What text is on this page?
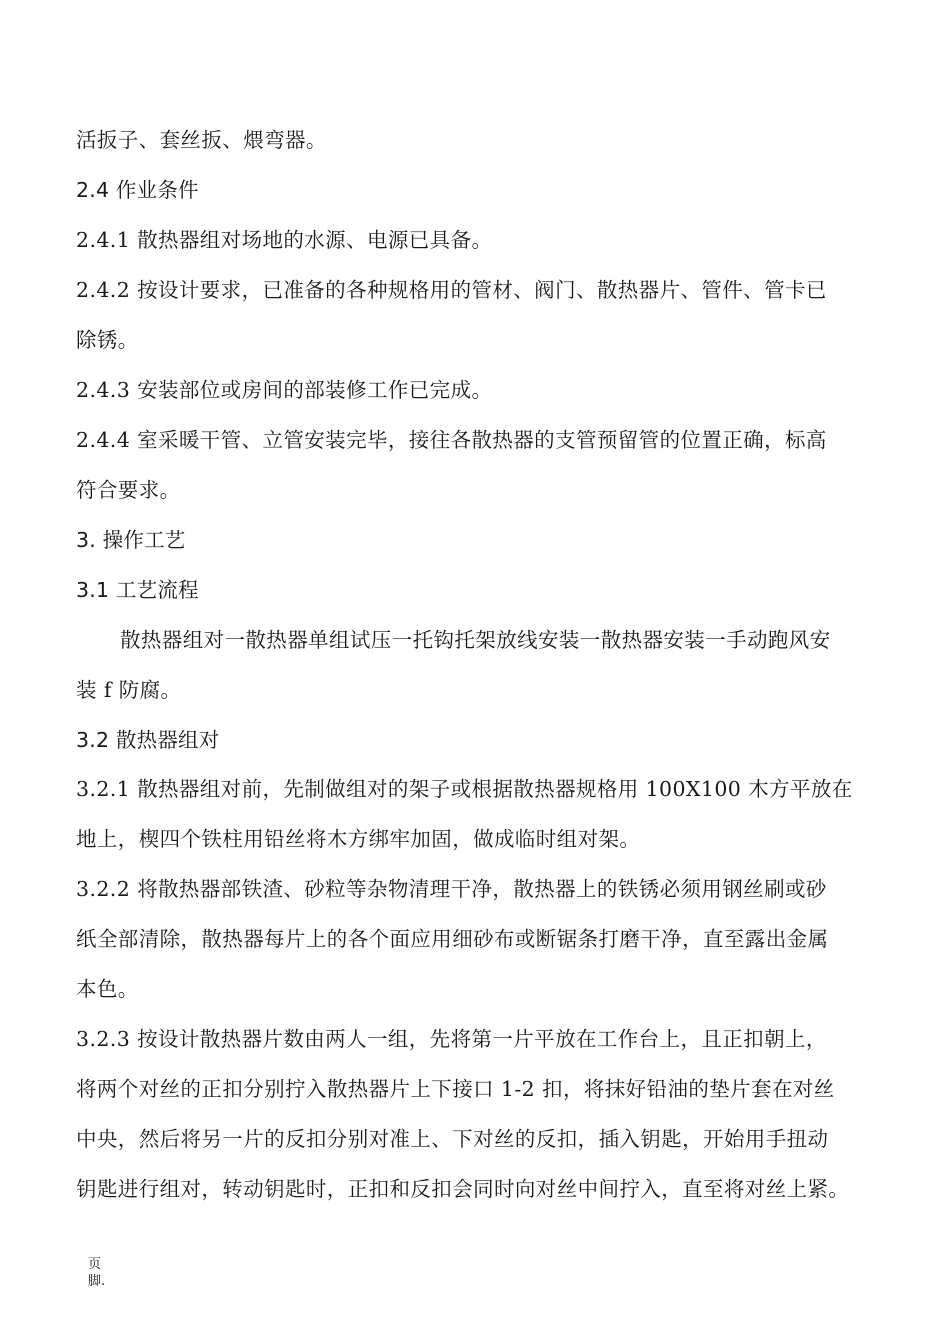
活扳子、套丝扳、煨弯器。
2.4 作业条件
2.4.1 散热器组对场地的水源、电源已具备。
2.4.2 按设计要求，已准备的各种规格用的管材、阀门、散热器片、管件、管卡已
除锈。
2.4.3 安装部位或房间的部装修工作已完成。
2.4.4 室采暖干管、立管安装完毕，接往各散热器的支管预留管的位置正确，标高
符合要求。
3. 操作工艺
3.1 工艺流程
散热器组对一散热器单组试压一托钩托架放线安装一散热器安装一手动跑风安
装 f 防腐。
3.2 散热器组对
3.2.1 散热器组对前，先制做组对的架子或根据散热器规格用 100X100 木方平放在
地上，楔四个铁柱用铅丝将木方绑牢加固，做成临时组对架。
3.2.2 将散热器部铁渣、砂粒等杂物清理干净，散热器上的铁锈必须用钢丝刷或砂
纸全部清除，散热器每片上的各个面应用细砂布或断锯条打磨干净，直至露出金属
本色。
3.2.3 按设计散热器片数由两人一组，先将第一片平放在工作台上，且正扣朝上，
将两个对丝的正扣分别拧入散热器片上下接口 1-2 扣，将抹好铅油的垫片套在对丝
中央，然后将另一片的反扣分别对准上、下对丝的反扣，插入钥匙，开始用手扭动
钥匙进行组对，转动钥匙时，正扣和反扣会同时向对丝中间拧入，直至将对丝上紧。
页
脚.
